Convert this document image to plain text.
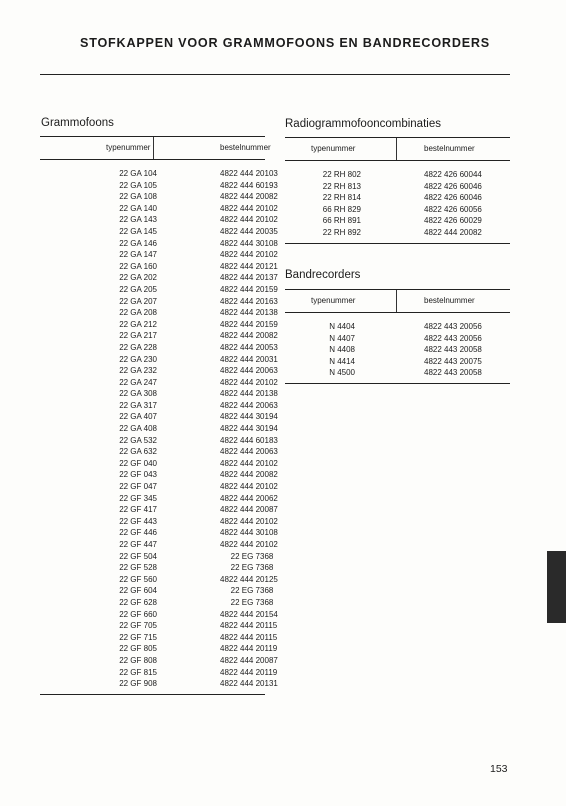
STOFKAPPEN VOOR GRAMMOFOONS EN BANDRECORDERS
Grammofoons
typenummer	bestelnummer
22 GA 104	4822 444 20103
22 GA 105	4822 444 60193
22 GA 108	4822 444 20082
22 GA 140	4822 444 20102
22 GA 143	4822 444 20102
22 GA 145	4822 444 20035
22 GA 146	4822 444 30108
22 GA 147	4822 444 20102
22 GA 160	4822 444 20121
22 GA 202	4822 444 20137
22 GA 205	4822 444 20159
22 GA 207	4822 444 20163
22 GA 208	4822 444 20138
22 GA 212	4822 444 20159
22 GA 217	4822 444 20082
22 GA 228	4822 444 20053
22 GA 230	4822 444 20031
22 GA 232	4822 444 20063
22 GA 247	4822 444 20102
22 GA 308	4822 444 20138
22 GA 317	4822 444 20063
22 GA 407	4822 444 30194
22 GA 408	4822 444 30194
22 GA 532	4822 444 60183
22 GA 632	4822 444 20063
22 GF 040	4822 444 20102
22 GF 043	4822 444 20082
22 GF 047	4822 444 20102
22 GF 345	4822 444 20062
22 GF 417	4822 444 20087
22 GF 443	4822 444 20102
22 GF 446	4822 444 30108
22 GF 447	4822 444 20102
22 GF 504	22 EG 7368
22 GF 528	22 EG 7368
22 GF 560	4822 444 20125
22 GF 604	22 EG 7368
22 GF 628	22 EG 7368
22 GF 660	4822 444 20154
22 GF 705	4822 444 20115
22 GF 715	4822 444 20115
22 GF 805	4822 444 20119
22 GF 808	4822 444 20087
22 GF 815	4822 444 20119
22 GF 908	4822 444 20131
Radiogrammofooncombinaties
typenummer	bestelnummer
22 RH 802	4822 426 60044
22 RH 813	4822 426 60046
22 RH 814	4822 426 60046
66 RH 829	4822 426 60056
66 RH 891	4822 426 60029
22 RH 892	4822 444 20082
Bandrecorders
typenummer	bestelnummer
N 4404	4822 443 20056
N 4407	4822 443 20056
N 4408	4822 443 20058
N 4414	4822 443 20075
N 4500	4822 443 20058
153
